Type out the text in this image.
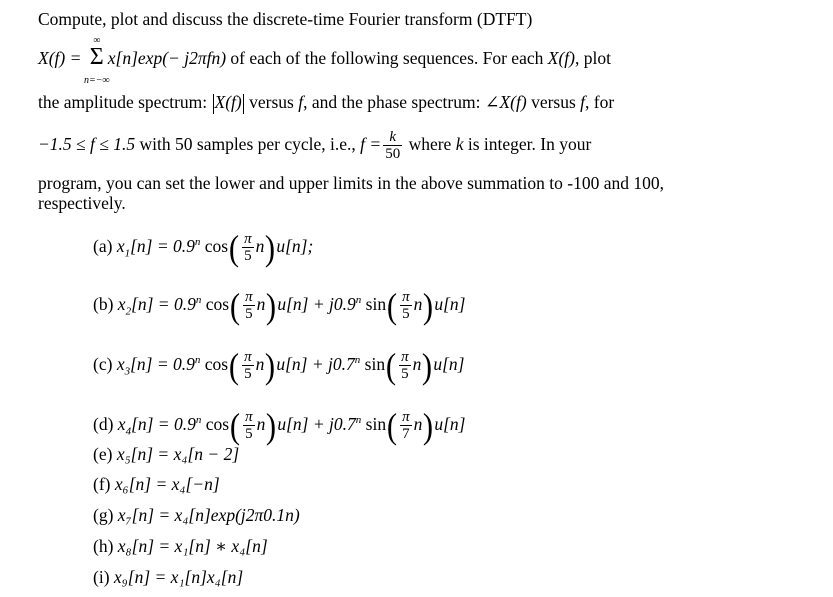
Compute, plot and discuss the discrete-time Fourier transform (DTFT)
X(f) =
∞
Σ
n=−∞
x[n]exp(− j2πfn) of each of the following sequences. For each X(f), plot
the amplitude spectrum: X(f) versus f, and the phase spectrum: ∠X(f) versus f, for
−1.5 ≤ f ≤ 1.5 with 50 samples per cycle, i.e., $f = \frac{k}{50}$ where k is integer. In your
program, you can set the lower and upper limits in the above summation to -100 and 100,
respectively.
(a) $x_1[n] = 0.9^n$ $\cos( \frac{\pi}{5} n)u[n]$;
(b) $x_2[n] = 0.9^n$ $\cos( \frac{\pi}{5} n)u[n] + j0.9^n$ $\sin( \frac{\pi}{5} n)u[n]$
(c) $x_3[n] = 0.9^n$ $\cos( \frac{\pi}{5} n)u[n] + j0.7^n$ $\sin( \frac{\pi}{5} n)u[n]$
(d) $x_4[n] = 0.9^n$ $\cos( \frac{\pi}{5} n)u[n] + j0.7^n$ $\sin( \frac{\pi}{7} n)u[n]$
(e) x₅[n] = x₄[n − 2]
(f) x₆[n] = x₄[−n]
(g) x₇[n] = x₄[n]exp(j2π0.1n)
(h) x₈[n] = x₁[n] ∗ x₄[n]
(i) x₉[n] = x₁[n]x₄[n]
